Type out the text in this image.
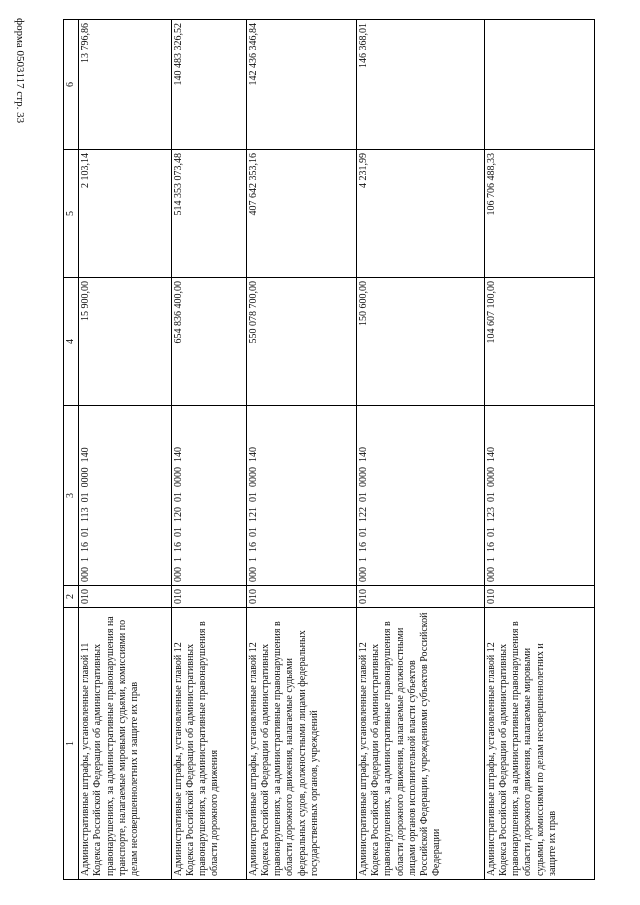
форма 0503117 стр. 33
1	2	3	4	5	6
Административные штрафы, установленные главой 11 Кодекса Российской Федерации об административных правонарушениях, за административные правонарушения на транспорте, налагаемые мировыми судьями, комиссиями по делам несовершеннолетних и защите их прав	010	000  1  16  01  113  01  0000  140	15 900,00	2 103,14	13 796,86
Административные штрафы, установленные главой 12 Кодекса Российской Федерации об административных правонарушениях, за административные правонарушения в области дорожного движения	010	000  1  16  01  120  01  0000  140	654 836 400,00	514 353 073,48	140 483 326,52
Административные штрафы, установленные главой 12 Кодекса Российской Федерации об административных правонарушениях, за административные правонарушения в области дорожного движения, налагаемые судьями федеральных судов, должностными лицами федеральных государственных органов, учреждений	010	000  1  16  01  121  01  0000  140	550 078 700,00	407 642 353,16	142 436 346,84
Административные штрафы, установленные главой 12 Кодекса Российской Федерации об административных правонарушениях, за административные правонарушения в области дорожного движения, налагаемые должностными лицами органов исполнительной власти субъектов Российской Федерации, учреждениями субъектов Российской Федерации	010	000  1  16  01  122  01  0000  140	150 600,00	4 231,99	146 368,01
Административные штрафы, установленные главой 12 Кодекса Российской Федерации об административных правонарушениях, за административные правонарушения в области дорожного движения, налагаемые мировыми судьями, комиссиями по делам несовершеннолетних и защите их прав	010	000  1  16  01  123  01  0000  140	104 607 100,00	106 706 488,33	
